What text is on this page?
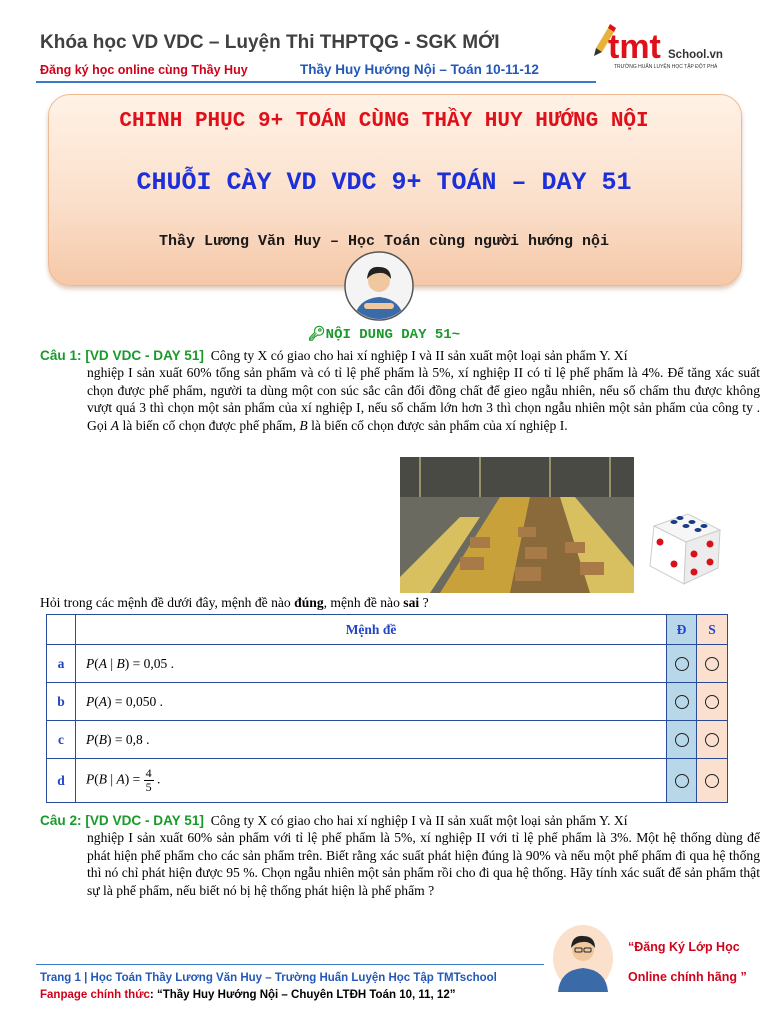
Khóa học VD VDC – Luyện Thi THPTQG - SGK MỚI
Đăng ký học online cùng Thầy Huy	Thầy Huy Hướng Nội – Toán 10-11-12
tmt School.vn
TRƯỜNG HUẤN LUYỆN HỌC TẬP ĐỘT PHÁ
CHINH PHỤC 9+ TOÁN CÙNG THẦY HUY HƯỚNG NỘI
CHUỖI CÀY VD VDC 9+ TOÁN – DAY 51
Thầy Lương Văn Huy – Học Toán cùng người hướng nội
🔑︎NỘI DUNG DAY 51~
Câu 1: [VD VDC - DAY 51] Công ty X có giao cho hai xí nghiệp I và II sản xuất một loại sản phẩm Y. Xí
nghiệp I sản xuất 60% tổng sản phẩm và có tỉ lệ phế phẩm là 5%, xí nghiệp II có tỉ lệ phế phẩm là 4%. Để tăng xác suất chọn được phế phẩm, người ta dùng một con súc sắc cân đối đồng chất để gieo ngẫu nhiên, nếu số chấm thu được không vượt quá 3 thì chọn một sản phẩm của xí nghiệp I, nếu số chấm lớn hơn 3 thì chọn ngẫu nhiên một sản phẩm của công ty . Gọi A là biến cố chọn được phế phẩm, B là biến cố chọn được sản phẩm của xí nghiệp I.
Hỏi trong các mệnh đề dưới đây, mệnh đề nào đúng, mệnh đề nào sai ?
	Mệnh đề	Đ	S
a	P(A | B) = 0,05 .		
b	P(A) = 0,050 .		
c	P(B) = 0,8 .		
d	P(B | $A) = \frac{4}{5}$ .		
Câu 2: [VD VDC - DAY 51] Công ty X có giao cho hai xí nghiệp I và II sản xuất một loại sản phẩm Y. Xí
nghiệp I sản xuất 60% sản phẩm với tỉ lệ phế phẩm là 5%, xí nghiệp II với tỉ lệ phế phẩm là 3%. Một hệ thống dùng để phát hiện phế phẩm cho các sản phẩm trên. Biết rằng xác suất phát hiện đúng là 90% và nếu một phế phẩm đi qua hệ thống thì nó chỉ phát hiện được 95 %. Chọn ngẫu nhiên một sản phẩm rồi cho đi qua hệ thống. Hãy tính xác suất để sản phẩm thật sự là phế phẩm, nếu biết nó bị hệ thống phát hiện là phế phẩm ?
Trang 1 | Học Toán Thầy Lương Văn Huy – Trường Huấn Luyện Học Tập TMTschool
Fanpage chính thức: “Thầy Huy Hướng Nội – Chuyên LTĐH Toán 10, 11, 12”
“Đăng Ký Lớp Học
Online chính hãng ”
